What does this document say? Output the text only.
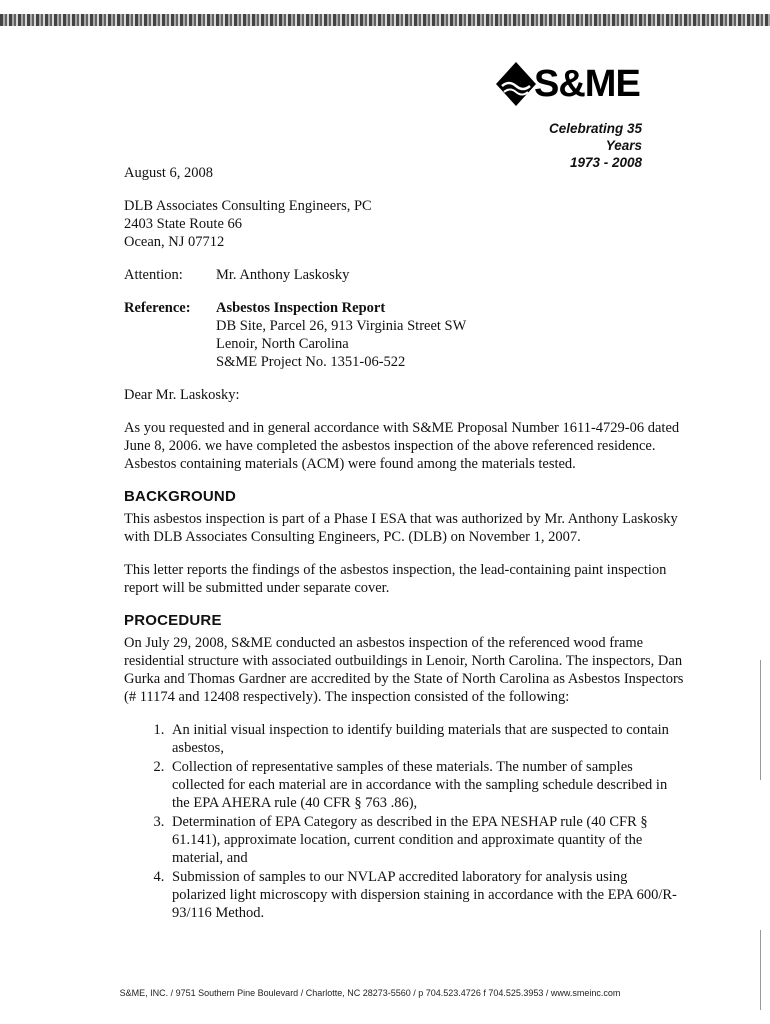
S&ME
Celebrating 35 Years
1973 - 2008
August 6, 2008
DLB Associates Consulting Engineers, PC
2403 State Route 66
Ocean, NJ 07712
Attention:	Mr. Anthony Laskosky
Reference:	Asbestos Inspection Report
DB Site, Parcel 26, 913 Virginia Street SW
Lenoir, North Carolina
S&ME Project No. 1351-06-522
Dear Mr. Laskosky:
As you requested and in general accordance with S&ME Proposal Number 1611-4729-06 dated June 8, 2006. we have completed the asbestos inspection of the above referenced residence. Asbestos containing materials (ACM) were found among the materials tested.
BACKGROUND
This asbestos inspection is part of a Phase I ESA that was authorized by Mr. Anthony Laskosky with DLB Associates Consulting Engineers, PC. (DLB) on November 1, 2007.
This letter reports the findings of the asbestos inspection, the lead-containing paint inspection report will be submitted under separate cover.
PROCEDURE
On July 29, 2008, S&ME conducted an asbestos inspection of the referenced wood frame residential structure with associated outbuildings in Lenoir, North Carolina. The inspectors, Dan Gurka and Thomas Gardner are accredited by the State of North Carolina as Asbestos Inspectors (# 11174 and 12408 respectively). The inspection consisted of the following:
1. An initial visual inspection to identify building materials that are suspected to contain asbestos,
2. Collection of representative samples of these materials. The number of samples collected for each material are in accordance with the sampling schedule described in the EPA AHERA rule (40 CFR § 763 .86),
3. Determination of EPA Category as described in the EPA NESHAP rule (40 CFR § 61.141), approximate location, current condition and approximate quantity of the material, and
4. Submission of samples to our NVLAP accredited laboratory for analysis using polarized light microscopy with dispersion staining in accordance with the EPA 600/R-93/116 Method.
S&ME, INC. / 9751 Southern Pine Boulevard / Charlotte, NC 28273-5560 / p 704.523.4726 f 704.525.3953 / www.smeinc.com
